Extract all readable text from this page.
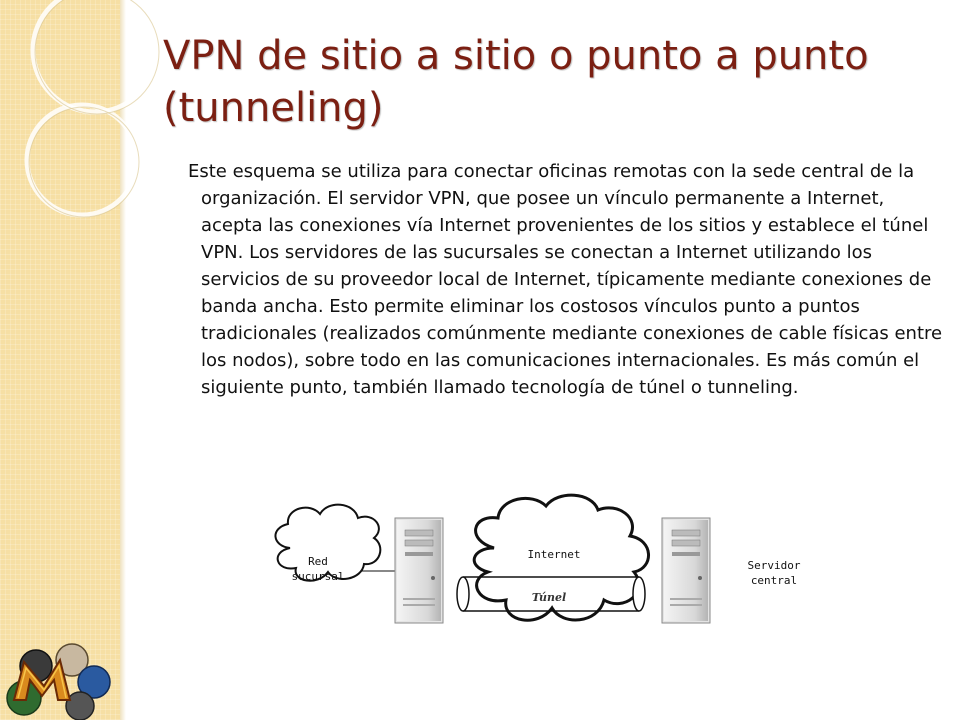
VPN de sitio a sitio o punto a punto (tunneling)

Este esquema se utiliza para conectar oficinas remotas con la sede central de la organización. El servidor VPN, que posee un vínculo permanente a Internet, acepta las conexiones vía Internet provenientes de los sitios y establece el túnel VPN. Los servidores de las sucursales se conectan a Internet utilizando los servicios de su proveedor local de Internet, típicamente mediante conexiones de banda ancha. Esto permite eliminar los costosos vínculos punto a puntos tradicionales (realizados comúnmente mediante conexiones de cable físicas entre los nodos), sobre todo en las comunicaciones internacionales. Es más común el siguiente punto, también llamado tecnología de túnel o tunneling.

Red
sucursal
Internet
Túnel
Servidor
central
